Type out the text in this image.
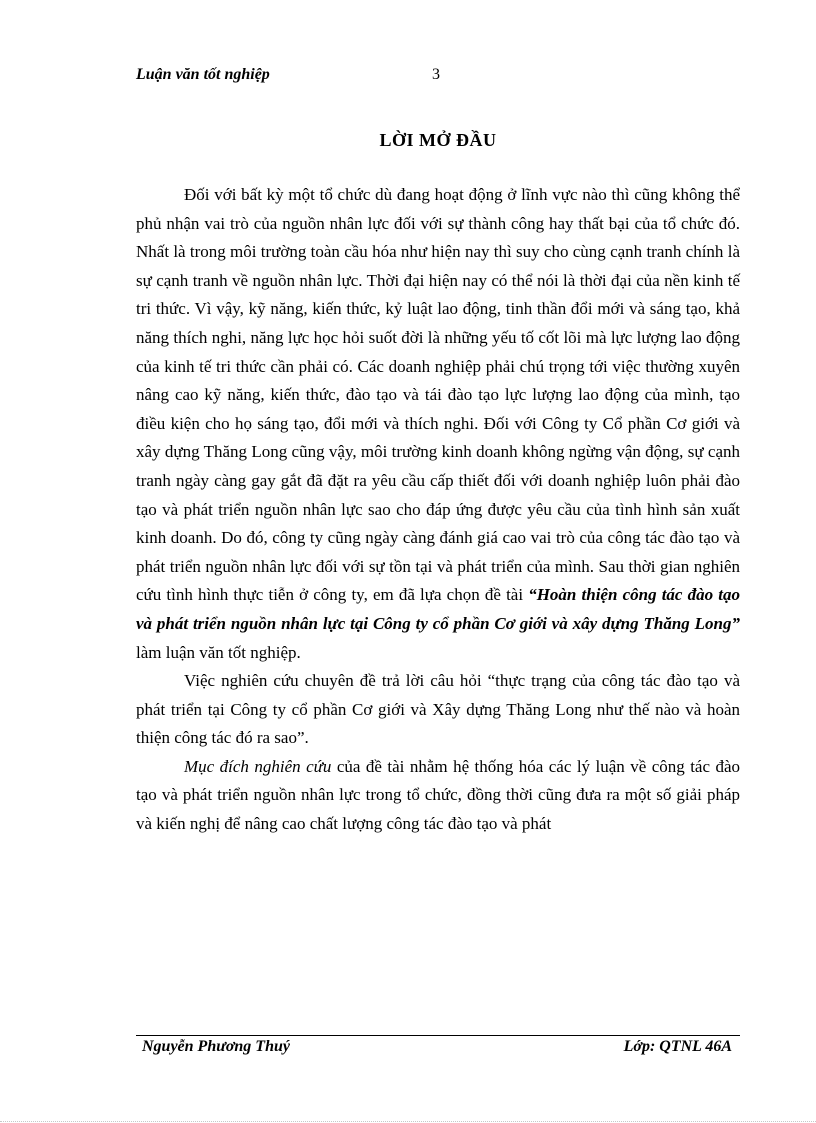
Luận văn tốt nghiệp	3
LỜI MỞ ĐẦU

Đối với bất kỳ một tổ chức dù đang hoạt động ở lĩnh vực nào thì cũng không thể phủ nhận vai trò của nguồn nhân lực đối với sự thành công hay thất bại của tổ chức đó. Nhất là trong môi trường toàn cầu hóa như hiện nay thì suy cho cùng cạnh tranh chính là sự cạnh tranh về nguồn nhân lực. Thời đại hiện nay có thể nói là thời đại của nền kinh tế tri thức. Vì vậy, kỹ năng, kiến thức, kỷ luật lao động, tinh thần đổi mới và sáng tạo, khả năng thích nghi, năng lực học hỏi suốt đời là những yếu tố cốt lõi mà lực lượng lao động của kinh tế tri thức cần phải có. Các doanh nghiệp phải chú trọng tới việc thường xuyên nâng cao kỹ năng, kiến thức, đào tạo và tái đào tạo lực lượng lao động của mình, tạo điều kiện cho họ sáng tạo, đổi mới và thích nghi. Đối với Công ty Cổ phần Cơ giới và xây dựng Thăng Long cũng vậy, môi trường kinh doanh không ngừng vận động, sự cạnh tranh ngày càng gay gắt đã đặt ra yêu cầu cấp thiết đối với doanh nghiệp luôn phải đào tạo và phát triển nguồn nhân lực sao cho đáp ứng được yêu cầu của tình hình sản xuất kinh doanh. Do đó, công ty cũng ngày càng đánh giá cao vai trò của công tác đào tạo và phát triển nguồn nhân lực đối với sự tồn tại và phát triển của mình. Sau thời gian nghiên cứu tình hình thực tiễn ở công ty, em đã lựa chọn đề tài “Hoàn thiện công tác đào tạo và phát triển nguồn nhân lực tại Công ty cổ phần Cơ giới và xây dựng Thăng Long” làm luận văn tốt nghiệp.

Việc nghiên cứu chuyên đề trả lời câu hỏi “thực trạng của công tác đào tạo và phát triển tại Công ty cổ phần Cơ giới và Xây dựng Thăng Long như thế nào và hoàn thiện công tác đó ra sao”.

Mục đích nghiên cứu của đề tài nhằm hệ thống hóa các lý luận về công tác đào tạo và phát triển nguồn nhân lực trong tổ chức, đồng thời cũng đưa ra một số giải pháp và kiến nghị để nâng cao chất lượng công tác đào tạo và phát

Nguyễn Phương Thuý	Lớp: QTNL 46A
